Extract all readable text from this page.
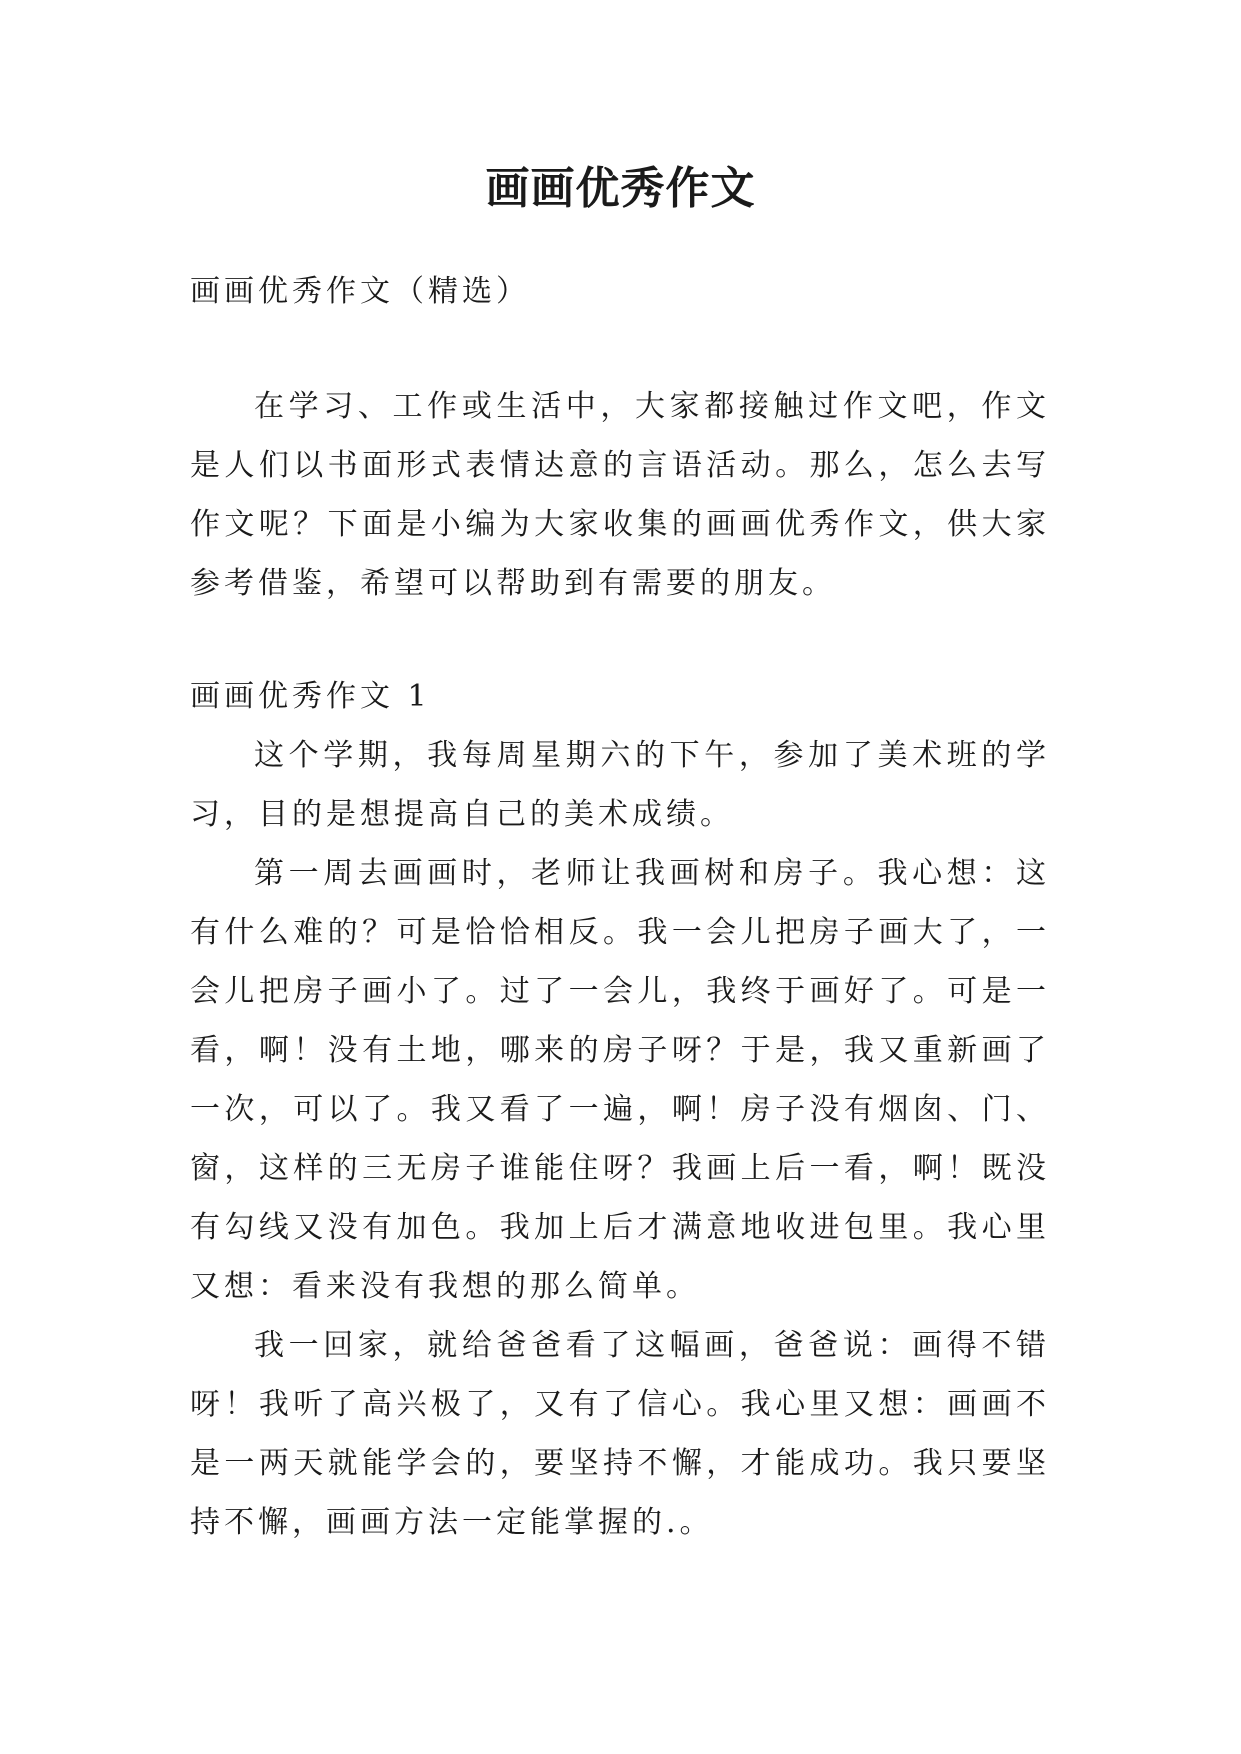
画画优秀作文

画画优秀作文（精选）

在学习、工作或生活中，大家都接触过作文吧，作文是人们以书面形式表情达意的言语活动。那么，怎么去写作文呢？下面是小编为大家收集的画画优秀作文，供大家参考借鉴，希望可以帮助到有需要的朋友。

画画优秀作文 1

这个学期，我每周星期六的下午，参加了美术班的学习，目的是想提高自己的美术成绩。

第一周去画画时，老师让我画树和房子。我心想：这有什么难的？可是恰恰相反。我一会儿把房子画大了，一会儿把房子画小了。过了一会儿，我终于画好了。可是一看，啊！没有土地，哪来的房子呀？于是，我又重新画了一次，可以了。我又看了一遍，啊！房子没有烟囱、门、窗，这样的三无房子谁能住呀？我画上后一看，啊！既没有勾线又没有加色。我加上后才满意地收进包里。我心里又想：看来没有我想的那么简单。

我一回家，就给爸爸看了这幅画，爸爸说：画得不错呀！我听了高兴极了，又有了信心。我心里又想：画画不是一两天就能学会的，要坚持不懈，才能成功。我只要坚持不懈，画画方法一定能掌握的.。
